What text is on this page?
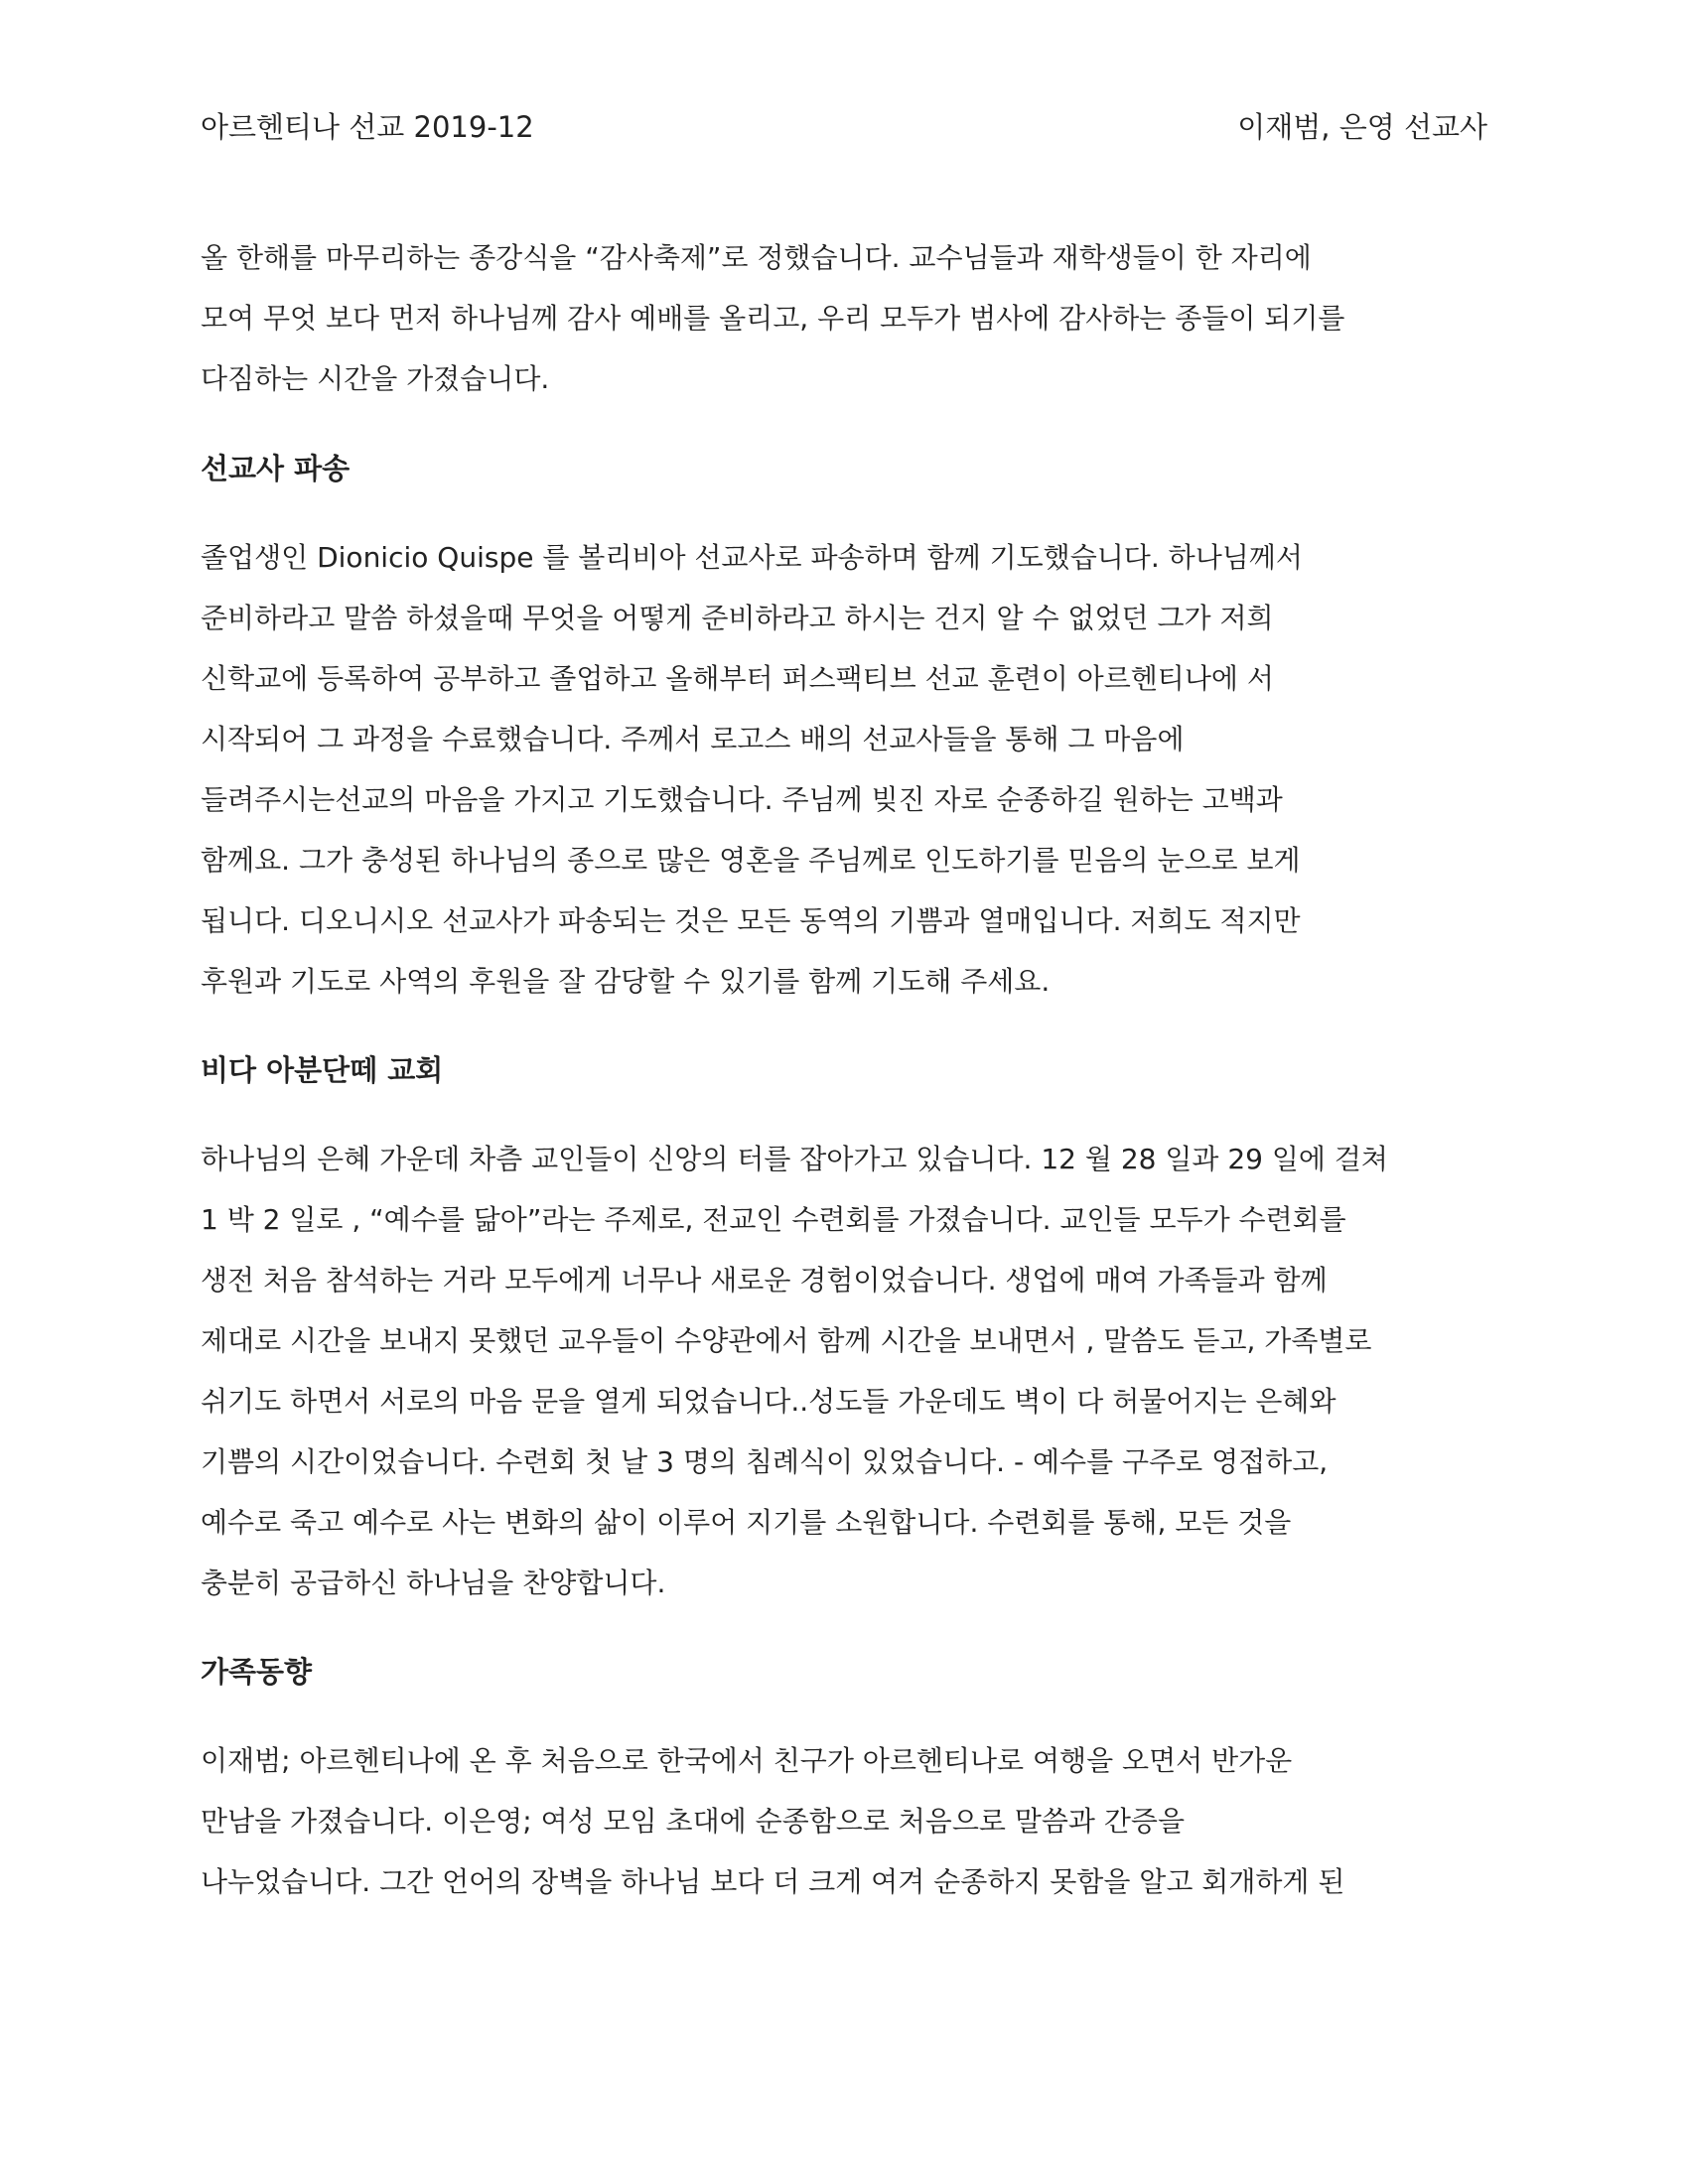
아르헨티나 선교 2019-12	이재범, 은영 선교사
올 한해를 마무리하는 종강식을 “감사축제”로 정했습니다. 교수님들과 재학생들이 한 자리에
모여 무엇 보다 먼저 하나님께 감사 예배를 올리고, 우리 모두가 범사에 감사하는 종들이 되기를
다짐하는 시간을 가졌습니다.
선교사 파송
졸업생인 Dionicio Quispe 를 볼리비아 선교사로 파송하며 함께 기도했습니다. 하나님께서
준비하라고 말씀 하셨을때 무엇을 어떻게 준비하라고 하시는 건지 알 수 없었던 그가 저희
신학교에 등록하여 공부하고 졸업하고 올해부터 퍼스팩티브 선교 훈련이 아르헨티나에 서
시작되어 그 과정을 수료했습니다. 주께서 로고스 배의 선교사들을 통해 그 마음에
들려주시는선교의 마음을 가지고 기도했습니다. 주님께 빚진 자로 순종하길 원하는 고백과
함께요. 그가 충성된 하나님의 종으로 많은 영혼을 주님께로 인도하기를 믿음의 눈으로 보게
됩니다. 디오니시오 선교사가 파송되는 것은 모든 동역의 기쁨과 열매입니다. 저희도 적지만
후원과 기도로 사역의 후원을 잘 감당할 수 있기를 함께 기도해 주세요.
비다 아분단떼 교회
하나님의 은혜 가운데 차츰 교인들이 신앙의 터를 잡아가고 있습니다. 12 월 28 일과 29 일에 걸쳐
1 박 2 일로 , “예수를 닮아”라는 주제로, 전교인 수련회를 가졌습니다. 교인들 모두가 수련회를
생전 처음 참석하는 거라 모두에게 너무나 새로운 경험이었습니다. 생업에 매여 가족들과 함께
제대로 시간을 보내지 못했던 교우들이 수양관에서 함께 시간을 보내면서 , 말씀도 듣고, 가족별로
쉬기도 하면서 서로의 마음 문을 열게 되었습니다..성도들 가운데도 벽이 다 허물어지는 은혜와
기쁨의 시간이었습니다. 수련회 첫 날 3 명의 침례식이 있었습니다. - 예수를 구주로 영접하고,
예수로 죽고 예수로 사는 변화의 삶이 이루어 지기를 소원합니다. 수련회를 통해, 모든 것을
충분히 공급하신 하나님을 찬양합니다.
가족동향
이재범; 아르헨티나에 온 후 처음으로 한국에서 친구가 아르헨티나로 여행을 오면서 반가운
만남을 가졌습니다. 이은영; 여성 모임 초대에 순종함으로 처음으로 말씀과 간증을
나누었습니다. 그간 언어의 장벽을 하나님 보다 더 크게 여겨 순종하지 못함을 알고 회개하게 된
